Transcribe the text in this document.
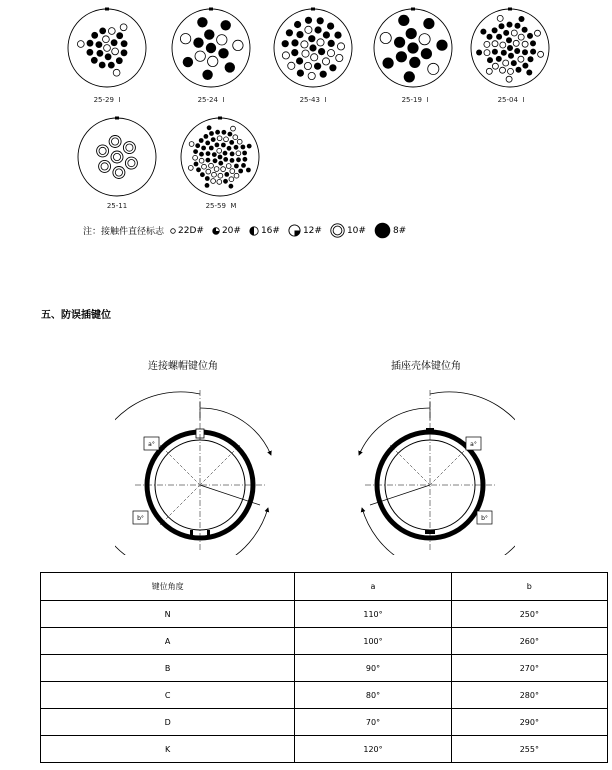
25-29 I	25-24 I	25-43 I	25-19 I	25-04 I
25-11	25-59 M
注：接触件直径标志 22D# 20# 16#	12#	10#	8#
五、防误插键位
连接螺帽键位角	插座壳体键位角
a°
b°
a°
b°
键位角度	a	b
N	110°	250°
A	100°	260°
B	90°	270°
C	80°	280°
D	70°	290°
K	120°	255°
